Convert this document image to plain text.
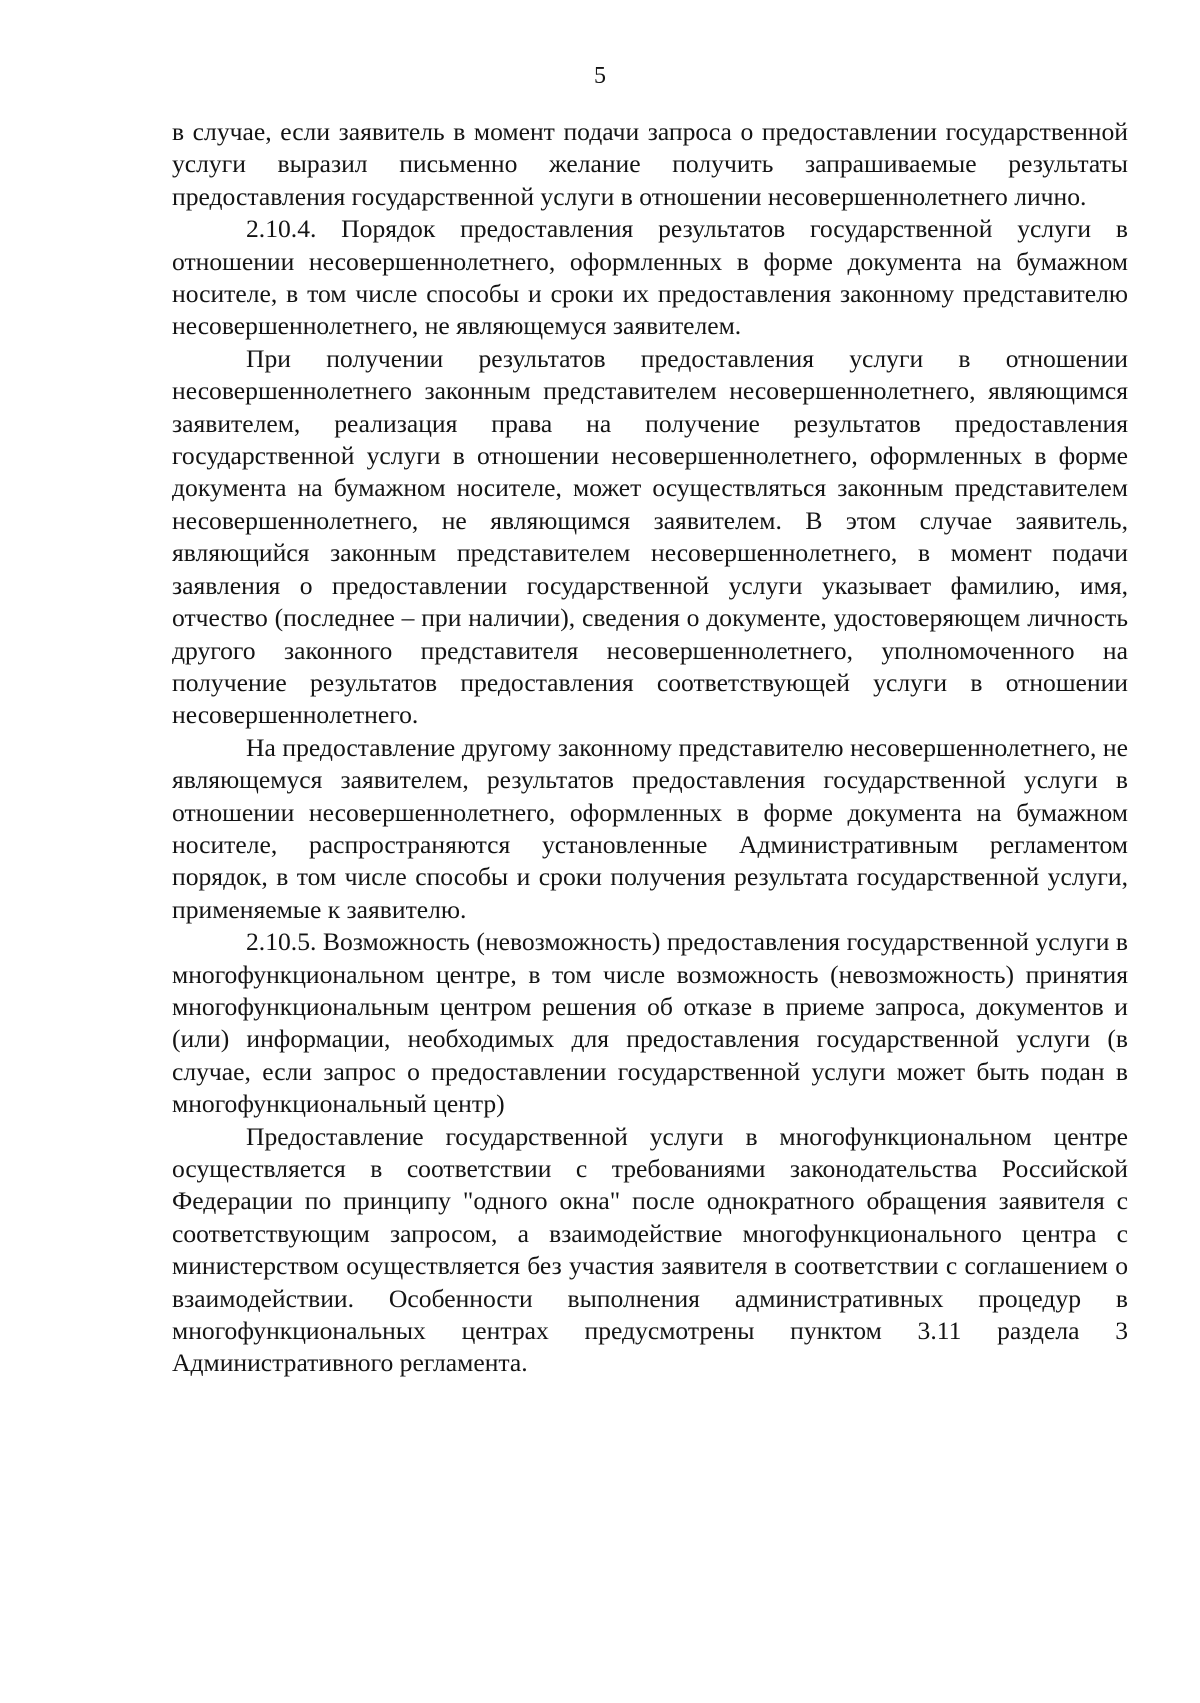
5

в случае, если заявитель в момент подачи запроса о предоставлении государственной услуги выразил письменно желание получить запрашиваемые результаты предоставления государственной услуги в отношении несовершеннолетнего лично.

2.10.4. Порядок предоставления результатов государственной услуги в отношении несовершеннолетнего, оформленных в форме документа на бумажном носителе, в том числе способы и сроки их предоставления законному представителю несовершеннолетнего, не являющемуся заявителем.

При получении результатов предоставления услуги в отношении несовершеннолетнего законным представителем несовершеннолетнего, являющимся заявителем, реализация права на получение результатов предоставления государственной услуги в отношении несовершеннолетнего, оформленных в форме документа на бумажном носителе, может осуществляться законным представителем несовершеннолетнего, не являющимся заявителем. В этом случае заявитель, являющийся законным представителем несовершеннолетнего, в момент подачи заявления о предоставлении государственной услуги указывает фамилию, имя, отчество (последнее – при наличии), сведения о документе, удостоверяющем личность другого законного представителя несовершеннолетнего, уполномоченного на получение результатов предоставления соответствующей услуги в отношении несовершеннолетнего.

На предоставление другому законному представителю несовершеннолетнего, не являющемуся заявителем, результатов предоставления государственной услуги в отношении несовершеннолетнего, оформленных в форме документа на бумажном носителе, распространяются установленные Административным регламентом порядок, в том числе способы и сроки получения результата государственной услуги, применяемые к заявителю.

2.10.5. Возможность (невозможность) предоставления государственной услуги в многофункциональном центре, в том числе возможность (невозможность) принятия многофункциональным центром решения об отказе в приеме запроса, документов и (или) информации, необходимых для предоставления государственной услуги (в случае, если запрос о предоставлении государственной услуги может быть подан в многофункциональный центр)

Предоставление государственной услуги в многофункциональном центре осуществляется в соответствии с требованиями законодательства Российской Федерации по принципу "одного окна" после однократного обращения заявителя с соответствующим запросом, а взаимодействие многофункционального центра с министерством осуществляется без участия заявителя в соответствии с соглашением о взаимодействии. Особенности выполнения административных процедур в многофункциональных центрах предусмотрены пунктом 3.11 раздела 3 Административного регламента.
